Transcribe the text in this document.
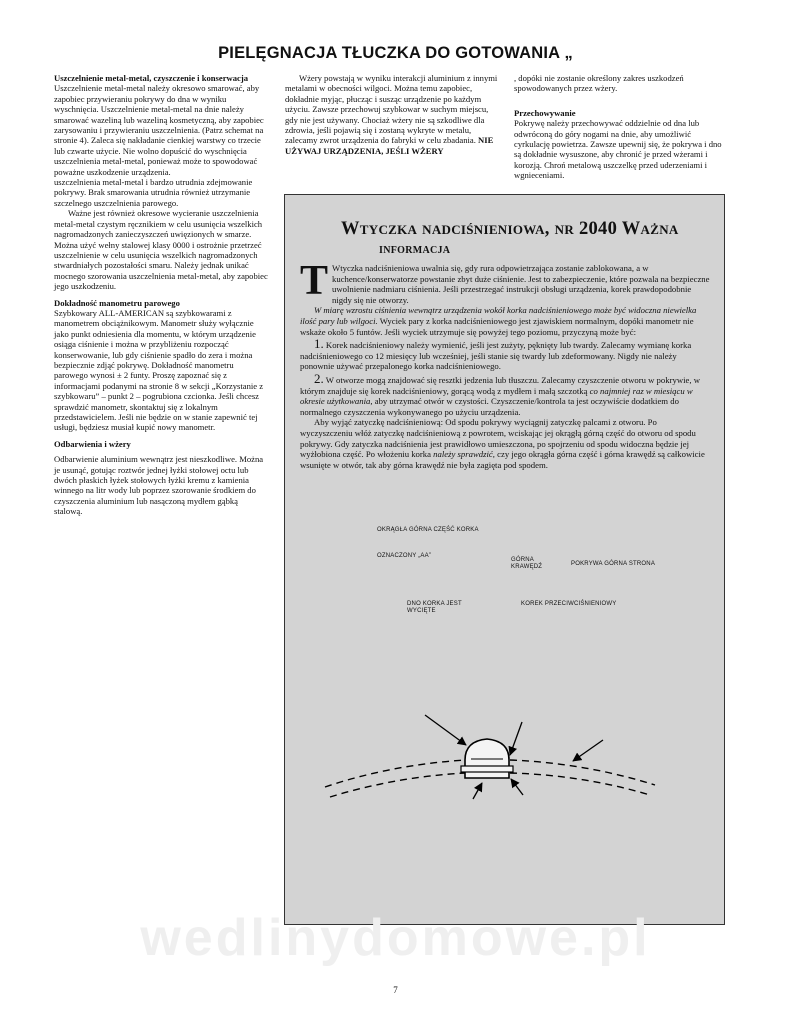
PIELĘGNACJA TŁUCZKA DO GOTOWANIA „
Uszczelnienie metal-metal, czyszczenie i konserwacja

Uszczelnienie metal-metal należy okresowo smarować, aby zapobiec przywieraniu pokrywy do dna w wyniku wyschnięcia. Uszczelnienie metal-metal na dnie należy smarować wazeliną lub wazeliną kosmetyczną, aby zapobiec zarysowaniu i przywieraniu uszczelnienia. (Patrz schemat na stronie 4). Zaleca się nakładanie cienkiej warstwy co trzecie lub czwarte użycie. Nie wolno dopuścić do wyschnięcia uszczelnienia metal-metal, ponieważ może to spowodować poważne uszkodzenie urządzenia.

uszczelnienia metal-metal i bardzo utrudnia zdejmowanie pokrywy. Brak smarowania utrudnia również utrzymanie szczelnego uszczelnienia parowego.

Ważne jest również okresowe wycieranie uszczelnienia metal-metal czystym ręcznikiem w celu usunięcia wszelkich nagromadzonych zanieczyszczeń uwięzionych w smarze. Można użyć wełny stalowej klasy 0000 i ostrożnie przetrzeć uszczelnienie w celu usunięcia wszelkich nagromadzonych stwardniałych pozostałości smaru. Należy jednak unikać mocnego szorowania uszczelnienia metal-metal, aby zapobiec jego uszkodzeniu.

Dokładność manometru parowego

Szybkowary ALL-AMERICAN są szybkowarami z manometrem obciążnikowym. Manometr służy wyłącznie jako punkt odniesienia dla momentu, w którym urządzenie osiąga ciśnienie i można w przybliżeniu rozpocząć konserwowanie, lub gdy ciśnienie spadło do zera i można bezpiecznie zdjąć pokrywę. Dokładność manometru parowego wynosi ± 2 funty. Proszę zapoznać się z informacjami podanymi na stronie 8 w sekcji „Korzystanie z szybkowaru” – punkt 2 – pogrubiona czcionka. Jeśli chcesz sprawdzić manometr, skontaktuj się z lokalnym przedstawicielem. Jeśli nie będzie on w stanie zapewnić tej usługi, będziesz musiał kupić nowy manometr.

Odbarwienia i wżery

Odbarwienie aluminium wewnątrz jest nieszkodliwe. Można je usunąć, gotując roztwór jednej łyżki stołowej octu lub dwóch płaskich łyżek stołowych łyżki kremu z kamienia winnego na litr wody lub poprzez szorowanie środkiem do czyszczenia aluminium lub nasączoną mydłem gąbką stalową.

Wżery powstają w wyniku interakcji aluminium z innymi metalami w obecności wilgoci. Można temu zapobiec, dokładnie myjąc, płucząc i susząc urządzenie po każdym użyciu. Zawsze przechowuj szybkowar w suchym miejscu, gdy nie jest używany. Chociaż wżery nie są szkodliwe dla zdrowia, jeśli pojawią się i zostaną wykryte w metalu, zalecamy zwrot urządzenia do fabryki w celu zbadania. NIE UŻYWAJ URZĄDZENIA, JEŚLI WŻERY

, dopóki nie zostanie określony zakres uszkodzeń spowodowanych przez wżery.

Przechowywanie

Pokrywę należy przechowywać oddzielnie od dna lub odwróconą do góry nogami na dnie, aby umożliwić cyrkulację powietrza. Zawsze upewnij się, że pokrywa i dno są dokładnie wysuszone, aby chronić je przed wżerami i korozją. Chroń metalową uszczelkę przed uderzeniami i wgnieceniami.

Wtyczka nadciśnieniowa, nr 2040 Ważna
informacja

T Wtyczka nadciśnieniowa uwalnia się, gdy rura odpowietrzająca zostanie zablokowana, a w kuchence/konserwatorze powstanie zbyt duże ciśnienie. Jest to zabezpieczenie, które pozwala na bezpieczne uwolnienie nadmiaru ciśnienia. Jeśli przestrzegać instrukcji obsługi urządzenia, korek prawdopodobnie nigdy się nie otworzy.

W miarę wzrostu ciśnienia wewnątrz urządzenia wokół korka nadciśnieniowego może być widoczna niewielka ilość pary lub wilgoci. Wyciek pary z korka nadciśnieniowego jest zjawiskiem normalnym, dopóki manometr nie wskaże około 5 funtów. Jeśli wyciek utrzymuje się powyżej tego poziomu, przyczyną może być:

1. Korek nadciśnieniowy należy wymienić, jeśli jest zużyty, pęknięty lub twardy. Zalecamy wymianę korka nadciśnieniowego co 12 miesięcy lub wcześniej, jeśli stanie się twardy lub zdeformowany. Nigdy nie należy ponownie używać przepalonego korka nadciśnieniowego.

2. W otworze mogą znajdować się resztki jedzenia lub tłuszczu. Zalecamy czyszczenie otworu w pokrywie, w którym znajduje się korek nadciśnieniowy, gorącą wodą z mydłem i małą szczotką co najmniej raz w miesiącu w okresie użytkowania, aby utrzymać otwór w czystości. Czyszczenie/kontrola ta jest oczywiście dodatkiem do normalnego czyszczenia wykonywanego po użyciu urządzenia.

Aby wyjąć zatyczkę nadciśnieniową: Od spodu pokrywy wyciągnij zatyczkę palcami z otworu. Po wyczyszczeniu włóż zatyczkę nadciśnieniową z powrotem, wciskając jej okrągłą górną część do otworu od spodu pokrywy. Gdy zatyczka nadciśnienia jest prawidłowo umieszczona, po spojrzeniu od spodu widoczna będzie jej wyżłobiona część. Po włożeniu korka należy sprawdzić, czy jego okrągła górna część i górna krawędź są całkowicie wsunięte w otwór, tak aby górna krawędź nie była zagięta pod spodem.

OKRĄGŁA GÓRNA CZĘŚĆ KORKA
OZNACZONY „AA”
GÓRNA KRAWĘDŹ	POKRYWA GÓRNA STRONA
DNO KORKA JEST WYCIĘTE
KOREK PRZECIWCIŚNIENIOWY
wedlinydomowe.pl
7
